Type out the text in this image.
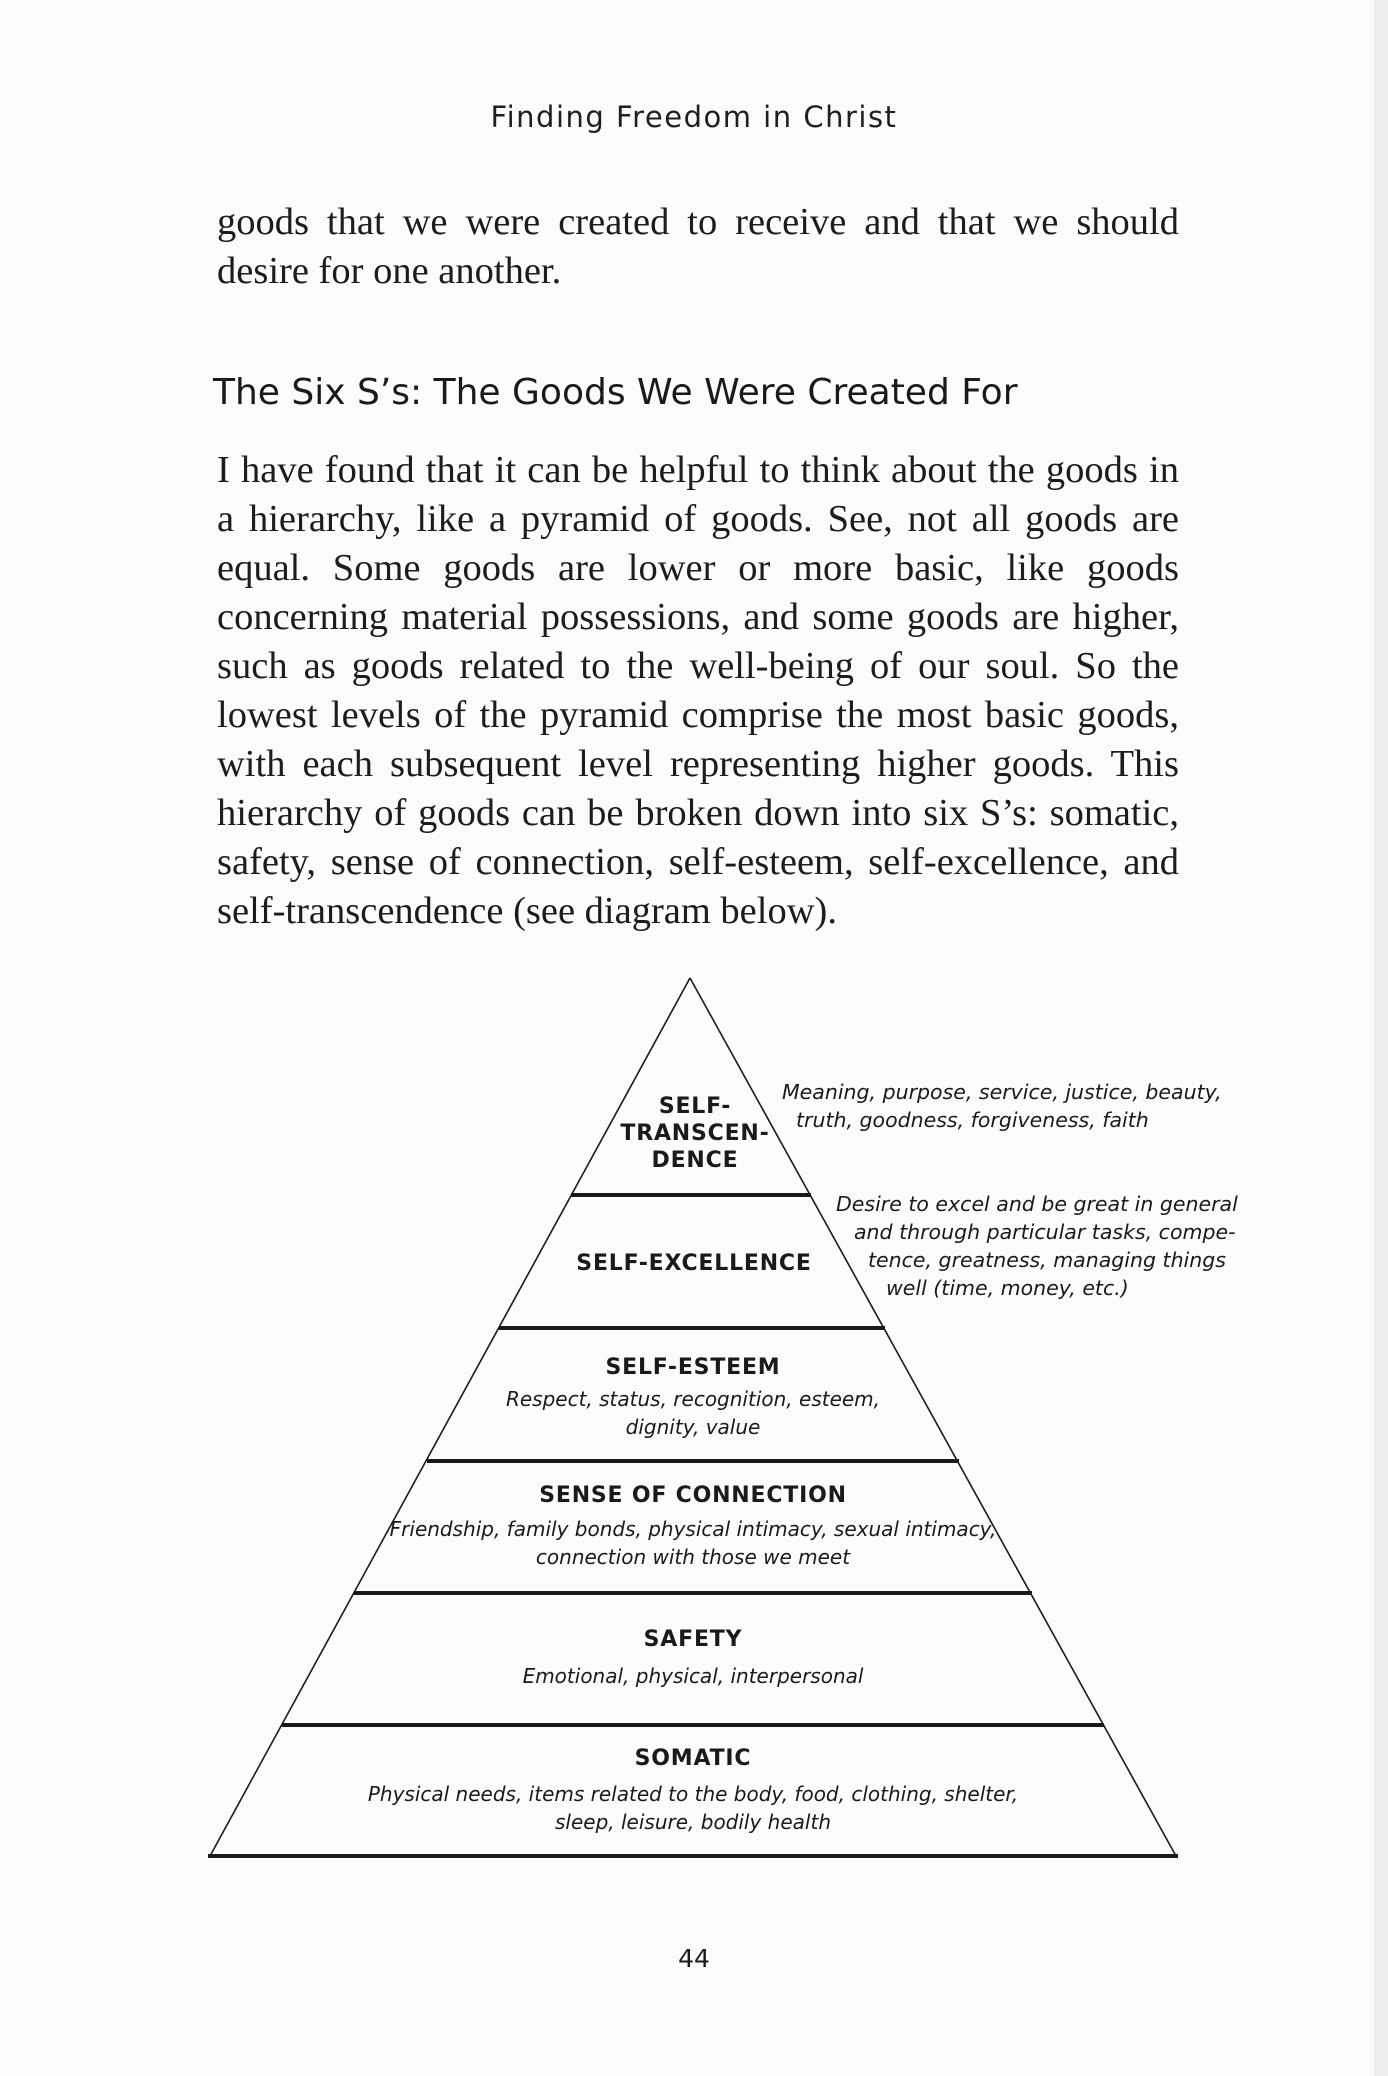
Finding Freedom in Christ

goods that we were created to receive and that we should desire for one another.

The Six S’s: The Goods We Were Created For

I have found that it can be helpful to think about the goods in a hierarchy, like a pyramid of goods. See, not all goods are equal. Some goods are lower or more basic, like goods concerning material possessions, and some goods are higher, such as goods related to the well-being of our soul. So the lowest levels of the pyramid comprise the most basic goods, with each subsequent level representing higher goods. This hierarchy of goods can be broken down into six S’s: somatic, safety, sense of connection, self-esteem, self-excellence, and self-transcendence (see diagram below).

SELF-
TRANSCEN-
DENCE
Meaning, purpose, service, justice, beauty,
truth, goodness, forgiveness, faith
SELF-EXCELLENCE
Desire to excel and be great in general
and through particular tasks, compe-
tence, greatness, managing things
well (time, money, etc.)
SELF-ESTEEM
Respect, status, recognition, esteem,
dignity, value
SENSE OF CONNECTION
Friendship, family bonds, physical intimacy, sexual intimacy,
connection with those we meet
SAFETY
Emotional, physical, interpersonal
SOMATIC
Physical needs, items related to the body, food, clothing, shelter,
sleep, leisure, bodily health
44
